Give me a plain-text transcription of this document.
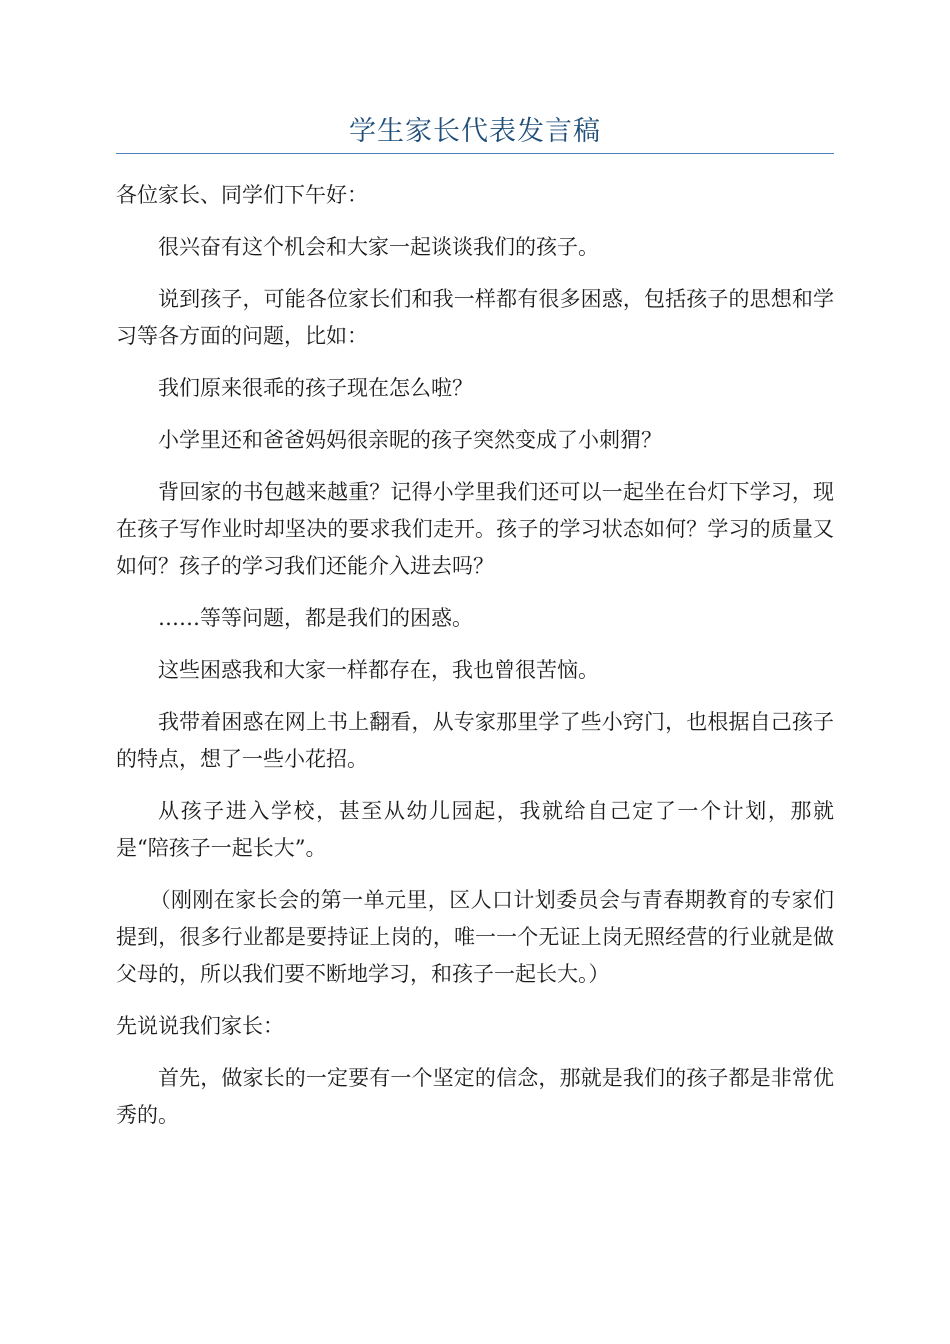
学生家长代表发言稿

各位家长、同学们下午好：

很兴奋有这个机会和大家一起谈谈我们的孩子。

说到孩子，可能各位家长们和我一样都有很多困惑，包括孩子的思想和学习等各方面的问题，比如：

我们原来很乖的孩子现在怎么啦？

小学里还和爸爸妈妈很亲昵的孩子突然变成了小刺猬？

背回家的书包越来越重？记得小学里我们还可以一起坐在台灯下学习，现在孩子写作业时却坚决的要求我们走开。孩子的学习状态如何？学习的质量又如何？孩子的学习我们还能介入进去吗？

……等等问题，都是我们的困惑。

这些困惑我和大家一样都存在，我也曾很苦恼。

我带着困惑在网上书上翻看，从专家那里学了些小窍门，也根据自己孩子的特点，想了一些小花招。

从孩子进入学校，甚至从幼儿园起，我就给自己定了一个计划，那就是“陪孩子一起长大”。

（刚刚在家长会的第一单元里，区人口计划委员会与青春期教育的专家们提到，很多行业都是要持证上岗的，唯一一个无证上岗无照经营的行业就是做父母的，所以我们要不断地学习，和孩子一起长大。）

先说说我们家长：

首先，做家长的一定要有一个坚定的信念，那就是我们的孩子都是非常优秀的。
